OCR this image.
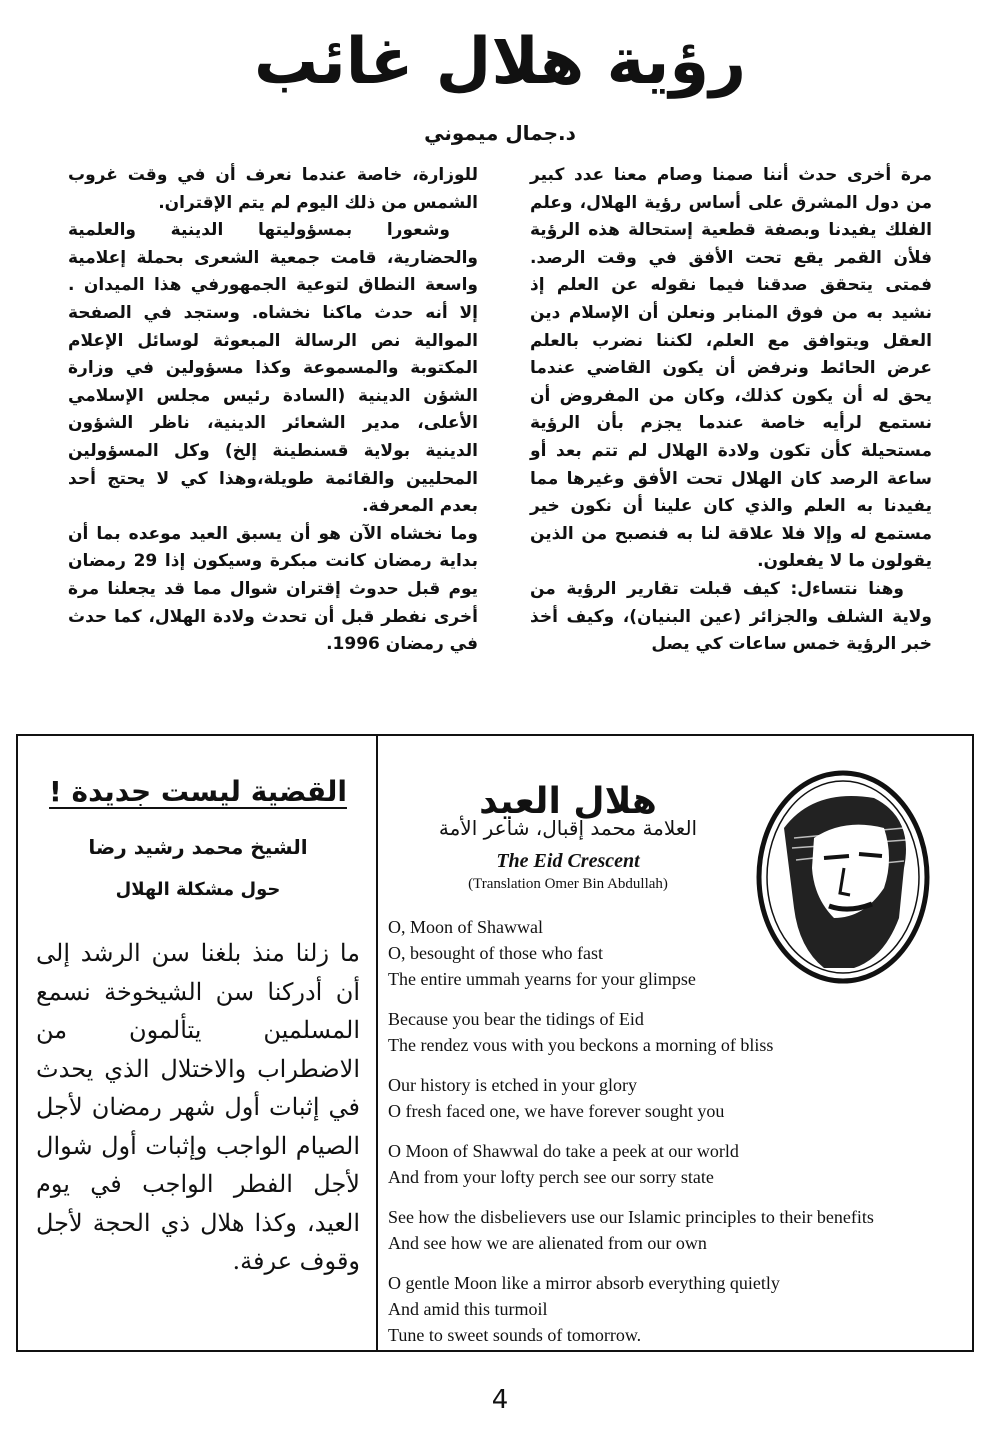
رؤية هلال غائب
د.جمال ميموني

مرة أخرى حدث أننا صمنا وصام معنا عدد كبير من دول المشرق على أساس رؤية الهلال، وعلم الفلك يفيدنا وبصفة قطعية إستحالة هذه الرؤية فلأن القمر يقع تحت الأفق في وقت الرصد. فمتى يتحقق صدقنا فيما نقوله عن العلم إذ نشيد به من فوق المنابر ونعلن أن الإسلام دين العقل ويتوافق مع العلم، لكننا نضرب بالعلم عرض الحائط ونرفض أن يكون القاضي عندما يحق له أن يكون كذلك، وكان من المفروض أن نستمع لرأيه خاصة عندما يجزم بأن الرؤية مستحيلة كأن تكون ولادة الهلال لم تتم بعد أو ساعة الرصد كان الهلال تحت الأفق وغيرها مما يفيدنا به العلم والذي كان علينا أن نكون خير مستمع له وإلا فلا علاقة لنا به فنصبح من الذين يقولون ما لا يفعلون.

وهنا نتساءل: كيف قبلت تقارير الرؤية من ولاية الشلف والجزائر (عين البنيان)، وكيف أخذ خبر الرؤية خمس ساعات كي يصل

للوزارة، خاصة عندما نعرف أن في وقت غروب الشمس من ذلك اليوم لم يتم الإقتران.

وشعورا بمسؤوليتها الدينية والعلمية والحضارية، قامت جمعية الشعرى بحملة إعلامية واسعة النطاق لتوعية الجمهورفي هذا الميدان . إلا أنه حدث ماكنا نخشاه. وستجد في الصفحة الموالية نص الرسالة المبعوثة لوسائل الإعلام المكتوبة والمسموعة وكذا مسؤولين في وزارة الشؤن الدينية (السادة رئيس مجلس الإسلامي الأعلى، مدير الشعائر الدينية، ناظر الشؤون الدينية بولاية قسنطينة إلخ) وكل المسؤولين المحليين والقائمة طويلة،وهذا كي لا يحتج أحد بعدم المعرفة.

وما نخشاه الآن هو أن يسبق العيد موعده بما أن بداية رمضان كانت مبكرة وسيكون إذا 29 رمضان يوم قبل حدوث إقتران شوال مما قد يجعلنا مرة أخرى نفطر قبل أن تحدث ولادة الهلال، كما حدث في رمضان 1996.

القضية ليست جديدة !
الشيخ محمد رشيد رضا
حول مشكلة الهلال
ما زلنا منذ بلغنا سن الرشد إلى أن أدركنا سن الشيخوخة نسمع المسلمين يتألمون من الاضطراب والاختلال الذي يحدث في إثبات أول شهر رمضان لأجل الصيام الواجب وإثبات أول شوال لأجل الفطر الواجب في يوم العيد، وكذا هلال ذي الحجة لأجل وقوف عرفة.
هلال العيد
العلامة محمد إقبال، شاعر الأمة
The Eid Crescent
(Translation Omer Bin Abdullah)
O, Moon of Shawwal
O, besought of those who fast
The entire ummah yearns for your glimpse
Because you bear the tidings of Eid
The rendez vous with you beckons a morning of bliss
Our history is etched in your glory
O fresh faced one, we have forever sought you
O Moon of Shawwal do take a peek at our world
And from your lofty perch see our sorry state
See how the disbelievers use our Islamic principles to their benefits
And see how we are alienated from our own
O gentle Moon like a mirror absorb everything quietly
And amid this turmoil
Tune to sweet sounds of tomorrow.
4
